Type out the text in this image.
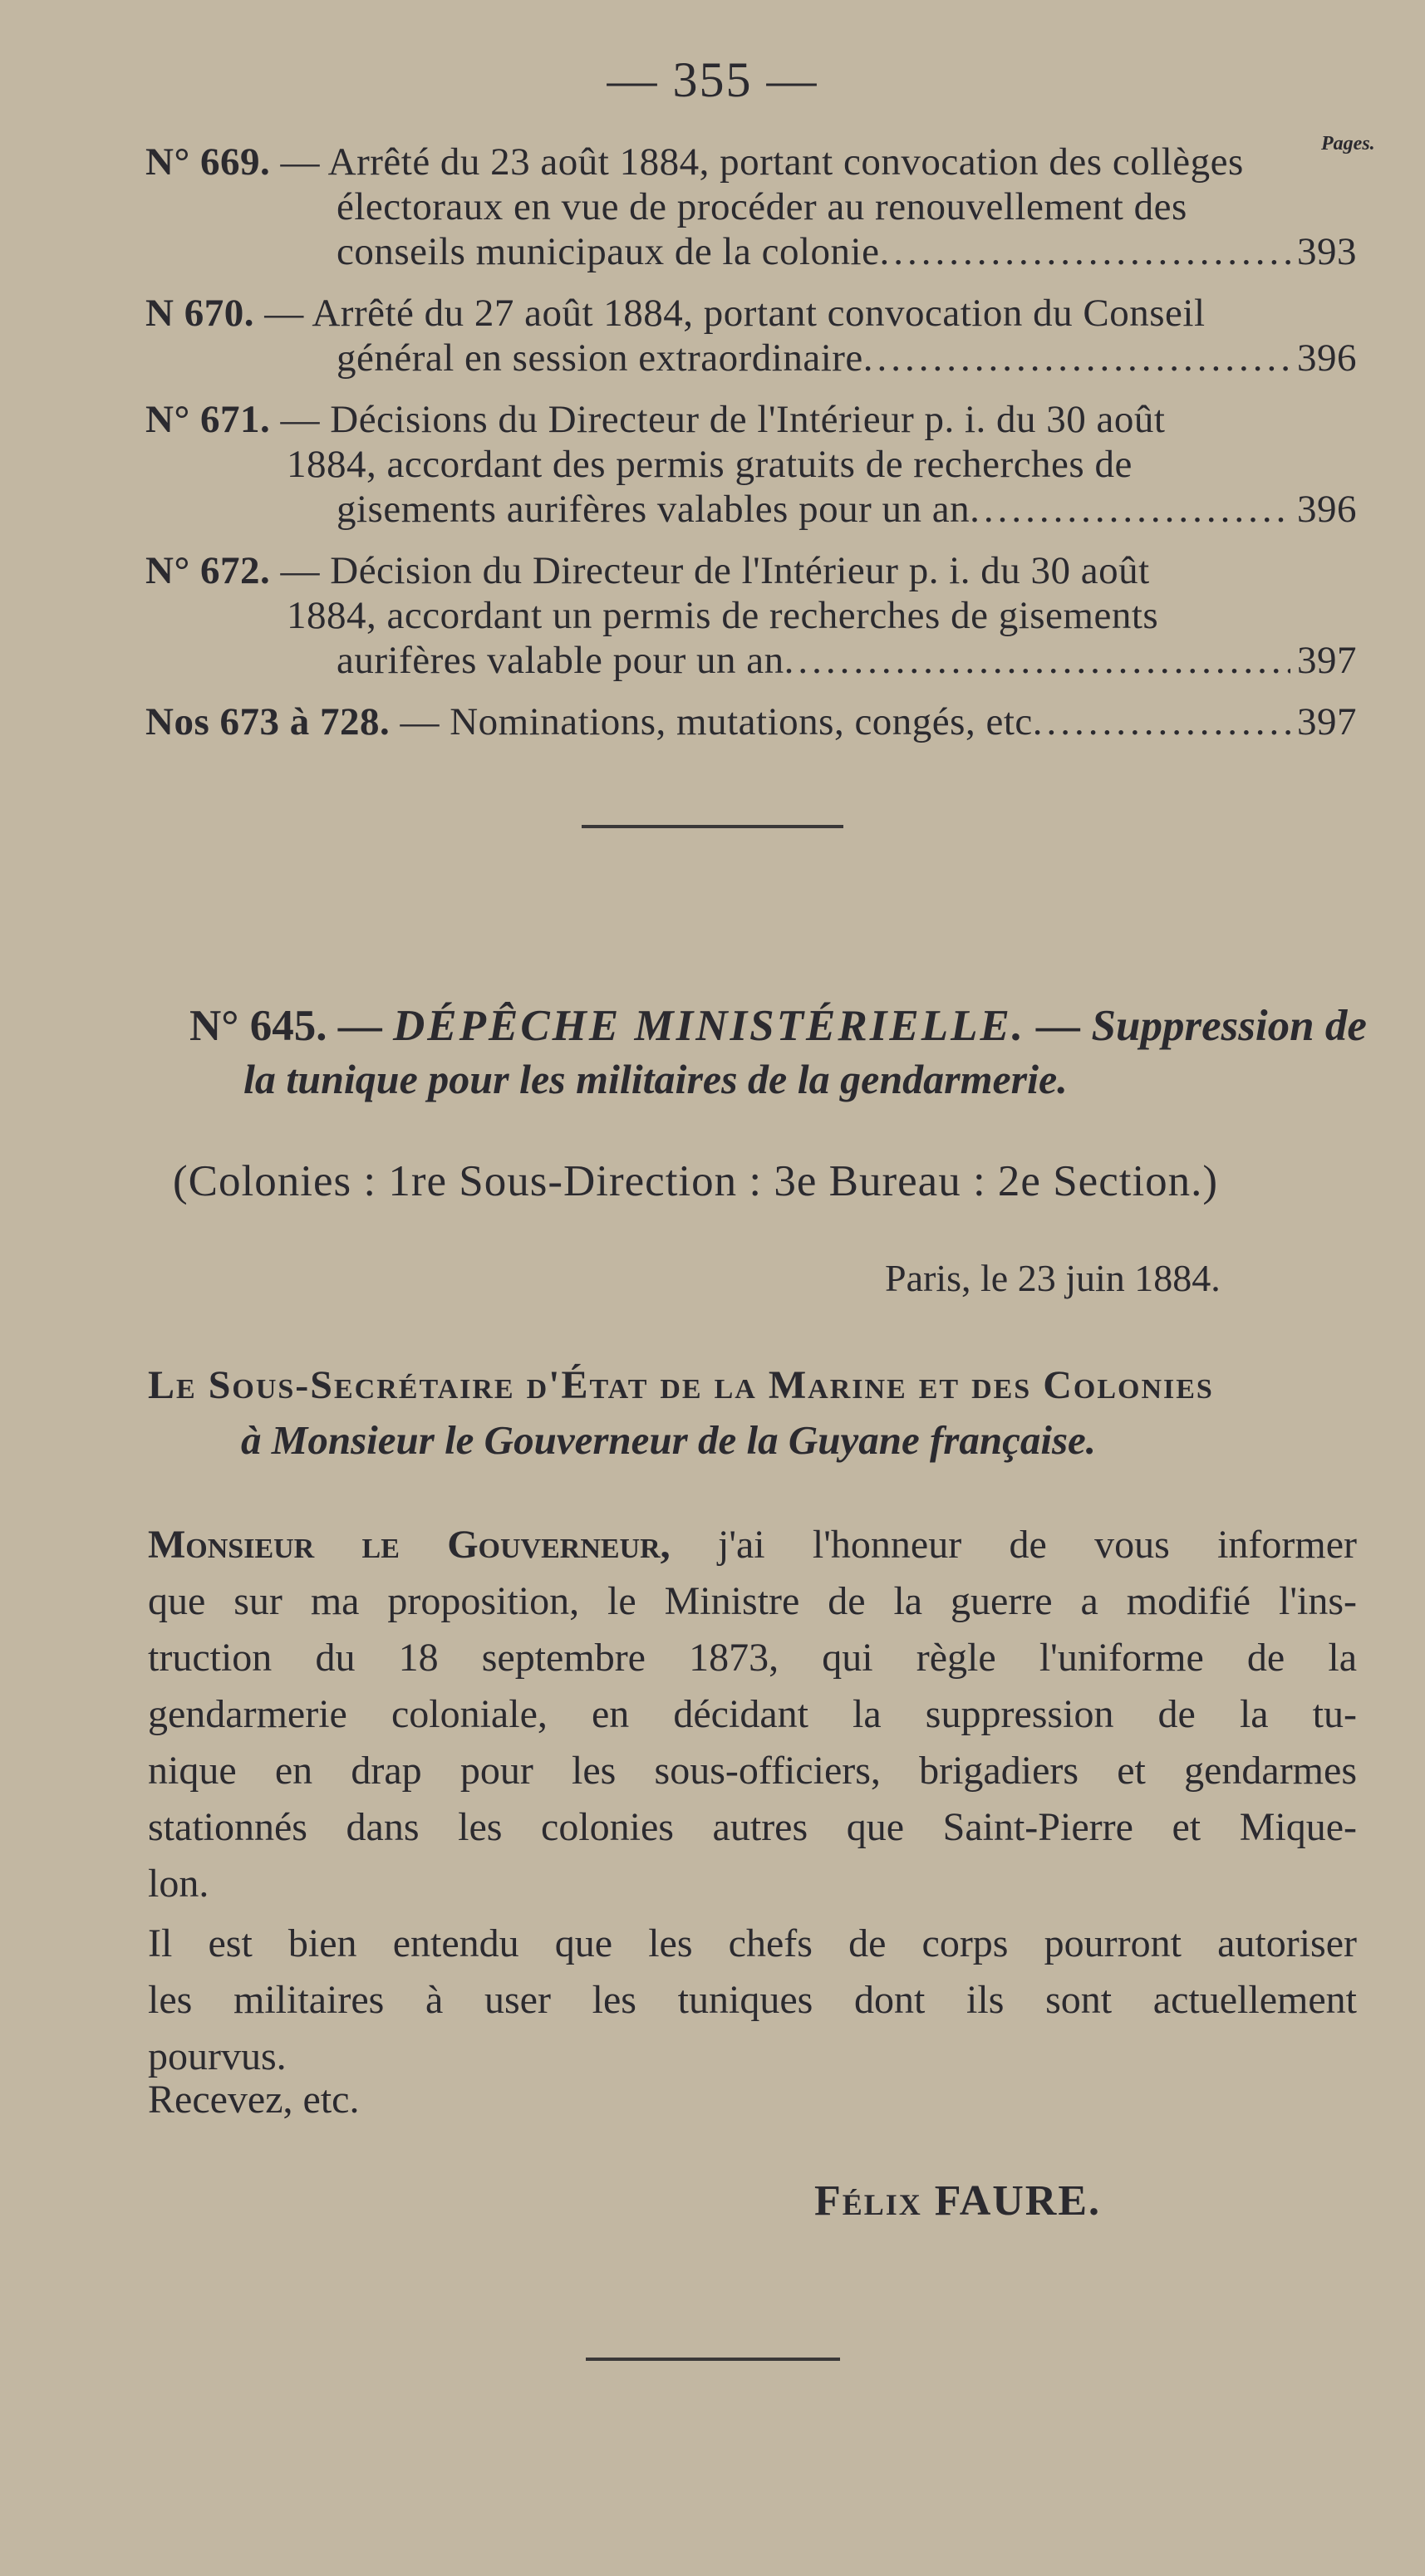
— 355 —
Pages.
N° 669.
— Arrêté du 23 août 1884, portant convocation des collèges
électoraux en vue de procéder au renouvellement des
conseils municipaux de la colonie .....	393
N 670.
— Arrêté du 27 août 1884, portant convocation du Conseil
général en session extraordinaire .....	396
N° 671.
— Décisions du Directeur de l'Intérieur p. i. du 30 août
1884, accordant des permis gratuits de recherches de
gisements aurifères valables pour un an .....	396
N° 672.
— Décision du Directeur de l'Intérieur p. i. du 30 août
1884, accordant un permis de recherches de gisements
aurifères valable pour un an .....	397
Nos 673 à 728.
— Nominations, mutations, congés, etc .....	397
N° 645. — DÉPÊCHE MINISTÉRIELLE. — Suppression de
la tunique pour les militaires de la gendarmerie.
(Colonies : 1re Sous-Direction : 3e Bureau : 2e Section.)
Paris, le 23 juin 1884.
Le Sous-Secrétaire d'État de la Marine et des Colonies
à Monsieur le Gouverneur de la Guyane française.
Monsieur le Gouverneur, j'ai l'honneur de vous informer
que sur ma proposition, le Ministre de la guerre a modifié l'ins-
truction du 18 septembre 1873, qui règle l'uniforme de la
gendarmerie coloniale, en décidant la suppression de la tu-
nique en drap pour les sous-officiers, brigadiers et gendarmes
stationnés dans les colonies autres que Saint-Pierre et Mique-
lon.
Il est bien entendu que les chefs de corps pourront autoriser
les militaires à user les tuniques dont ils sont actuellement
pourvus.
Recevez, etc.
Félix FAURE.
